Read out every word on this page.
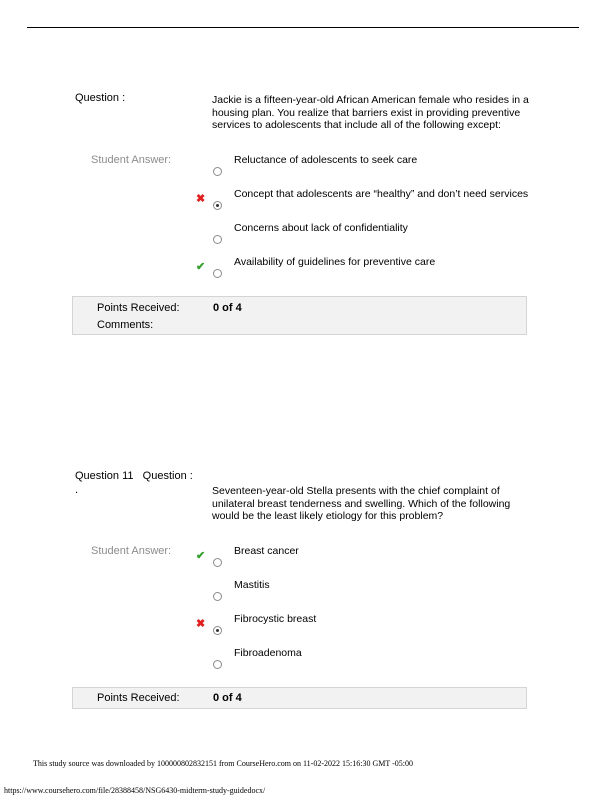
Question :	Jackie is a fifteen-year-old African American female who resides in a housing plan. You realize that barriers exist in providing preventive services to adolescents that include all of the following except:
Student Answer:	Reluctance of adolescents to seek care
✖	Concept that adolescents are “healthy” and don’t need services
Concerns about lack of confidentiality
✔	Availability of guidelines for preventive care
Points Received:	0 of 4
Comments:
Question 11   Question :
.	Seventeen-year-old Stella presents with the chief complaint of unilateral breast tenderness and swelling. Which of the following would be the least likely etiology for this problem?
Student Answer: ✔	Breast cancer
Mastitis
✖	Fibrocystic breast
Fibroadenoma
Points Received:	0 of 4
This study source was downloaded by 100000802832151 from CourseHero.com on 11-02-2022 15:16:30 GMT -05:00
https://www.coursehero.com/file/28388458/NSG6430-midterm-study-guidedocx/
